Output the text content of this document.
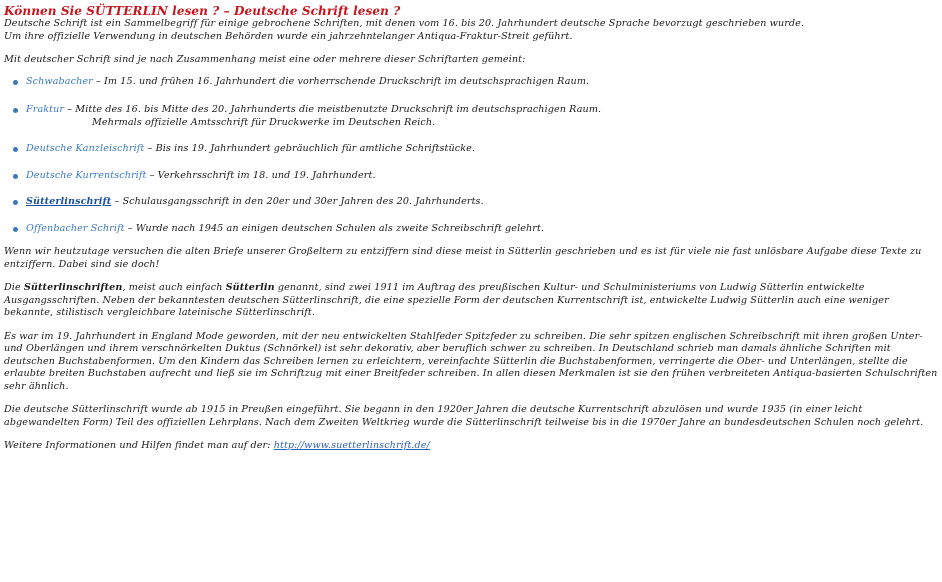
Können Sie SÜTTERLIN lesen ? – Deutsche Schrift lesen ?

Deutsche Schrift ist ein Sammelbegriff für einige gebrochene Schriften, mit denen vom 16. bis 20. Jahrhundert deutsche Sprache bevorzugt geschrieben wurde.

Um ihre offizielle Verwendung in deutschen Behörden wurde ein jahrzehntelanger Antiqua-Fraktur-Streit geführt.

Mit deutscher Schrift sind je nach Zusammenhang meist eine oder mehrere dieser Schriftarten gemeint:

Schwabacher – Im 15. und frühen 16. Jahrhundert die vorherrschende Druckschrift im deutschsprachigen Raum.
Fraktur – Mitte des 16. bis Mitte des 20. Jahrhunderts die meistbenutzte Druckschrift im deutschsprachigen Raum.
Mehrmals offizielle Amtsschrift für Druckwerke im Deutschen Reich.
Deutsche Kanzleischrift – Bis ins 19. Jahrhundert gebräuchlich für amtliche Schriftstücke.
Deutsche Kurrentschrift – Verkehrsschrift im 18. und 19. Jahrhundert.
Sütterlinschrift – Schulausgangsschrift in den 20er und 30er Jahren des 20. Jahrhunderts.
Offenbacher Schrift – Wurde nach 1945 an einigen deutschen Schulen als zweite Schreibschrift gelehrt.

Wenn wir heutzutage versuchen die alten Briefe unserer Großeltern zu entziffern sind diese meist in Sütterlin geschrieben und es ist für viele nie fast unlösbare Aufgabe diese Texte zu entziffern. Dabei sind sie doch!

Die Sütterlinschriften, meist auch einfach Sütterlin genannt, sind zwei 1911 im Auftrag des preußischen Kultur- und Schulministeriums von Ludwig Sütterlin entwickelte Ausgangsschriften. Neben der bekanntesten deutschen Sütterlinschrift, die eine spezielle Form der deutschen Kurrentschrift ist, entwickelte Ludwig Sütterlin auch eine weniger bekannte, stilistisch vergleichbare lateinische Sütterlinschrift.

Es war im 19. Jahrhundert in England Mode geworden, mit der neu entwickelten Stahlfeder Spitzfeder zu schreiben. Die sehr spitzen englischen Schreibschrift mit ihren großen Unter- und Oberlängen und ihrem verschnörkelten Duktus (Schnörkel) ist sehr dekorativ, aber beruflich schwer zu schreiben. In Deutschland schrieb man damals ähnliche Schriften mit deutschen Buchstabenformen. Um den Kindern das Schreiben lernen zu erleichtern, vereinfachte Sütterlin die Buchstabenformen, verringerte die Ober- und Unterlängen, stellte die erlaubte breiten Buchstaben aufrecht und ließ sie im Schriftzug mit einer Breitfeder schreiben. In allen diesen Merkmalen ist sie den frühen verbreiteten Antiqua-basierten Schulschriften sehr ähnlich.

Die deutsche Sütterlinschrift wurde ab 1915 in Preußen eingeführt. Sie begann in den 1920er Jahren die deutsche Kurrentschrift abzulösen und wurde 1935 (in einer leicht abgewandelten Form) Teil des offiziellen Lehrplans. Nach dem Zweiten Weltkrieg wurde die Sütterlinschrift teilweise bis in die 1970er Jahre an bundesdeutschen Schulen noch gelehrt.

Weitere Informationen und Hilfen findet man auf der: http://www.suetterlinschrift.de/
